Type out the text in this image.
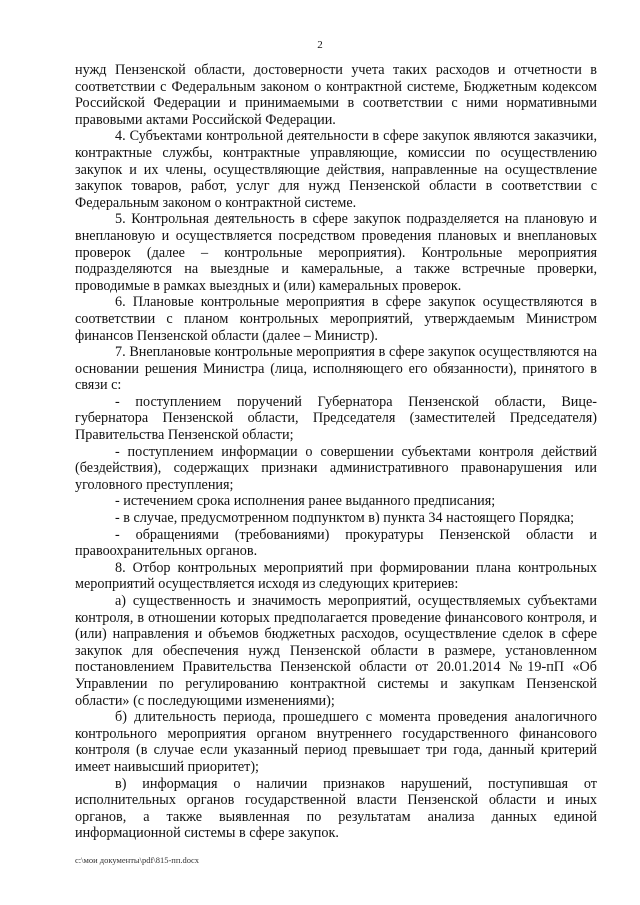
2

нужд Пензенской области, достоверности учета таких расходов и отчетности в соответствии с Федеральным законом о контрактной системе, Бюджетным кодексом Российской Федерации и принимаемыми в соответствии с ними нормативными правовыми актами Российской Федерации.

4. Субъектами контрольной деятельности в сфере закупок являются заказчики, контрактные службы, контрактные управляющие, комиссии по осуществлению закупок и их члены, осуществляющие действия, направленные на осуществление закупок товаров, работ, услуг для нужд Пензенской области в соответствии с Федеральным законом о контрактной системе.

5. Контрольная деятельность в сфере закупок подразделяется на плановую и внеплановую и осуществляется посредством проведения плановых и внеплановых проверок (далее – контрольные мероприятия). Контрольные мероприятия подразделяются на выездные и камеральные, а также встречные проверки, проводимые в рамках выездных и (или) камеральных проверок.

6. Плановые контрольные мероприятия в сфере закупок осуществляются в соответствии с планом контрольных мероприятий, утверждаемым Министром финансов Пензенской области (далее – Министр).

7. Внеплановые контрольные мероприятия в сфере закупок осуществляются на основании решения Министра (лица, исполняющего его обязанности), принятого в связи с:

- поступлением поручений Губернатора Пензенской области, Вице-губернатора Пензенской области, Председателя (заместителей Председателя) Правительства Пензенской области;

- поступлением информации о совершении субъектами контроля действий (бездействия), содержащих признаки административного правонарушения или уголовного преступления;

- истечением срока исполнения ранее выданного предписания;

- в случае, предусмотренном подпунктом в) пункта 34 настоящего Порядка;

- обращениями (требованиями) прокуратуры Пензенской области и правоохранительных органов.

8. Отбор контрольных мероприятий при формировании плана контрольных мероприятий осуществляется исходя из следующих критериев:

а) существенность и значимость мероприятий, осуществляемых субъектами контроля, в отношении которых предполагается проведение финансового контроля, и (или) направления и объемов бюджетных расходов, осуществление сделок в сфере закупок для обеспечения нужд Пензенской области в размере, установленном постановлением Правительства Пензенской области от 20.01.2014 №19-пП «Об Управлении по регулированию контрактной системы и закупкам Пензенской области» (с последующими изменениями);

б) длительность периода, прошедшего с момента проведения аналогичного контрольного мероприятия органом внутреннего государственного финансового контроля (в случае если указанный период превышает три года, данный критерий имеет наивысший приоритет);

в) информация о наличии признаков нарушений, поступившая от исполнительных органов государственной власти Пензенской области и иных органов, а также выявленная по результатам анализа данных единой информационной системы в сфере закупок.

c:\мои документы\pdf\815-пп.docx
